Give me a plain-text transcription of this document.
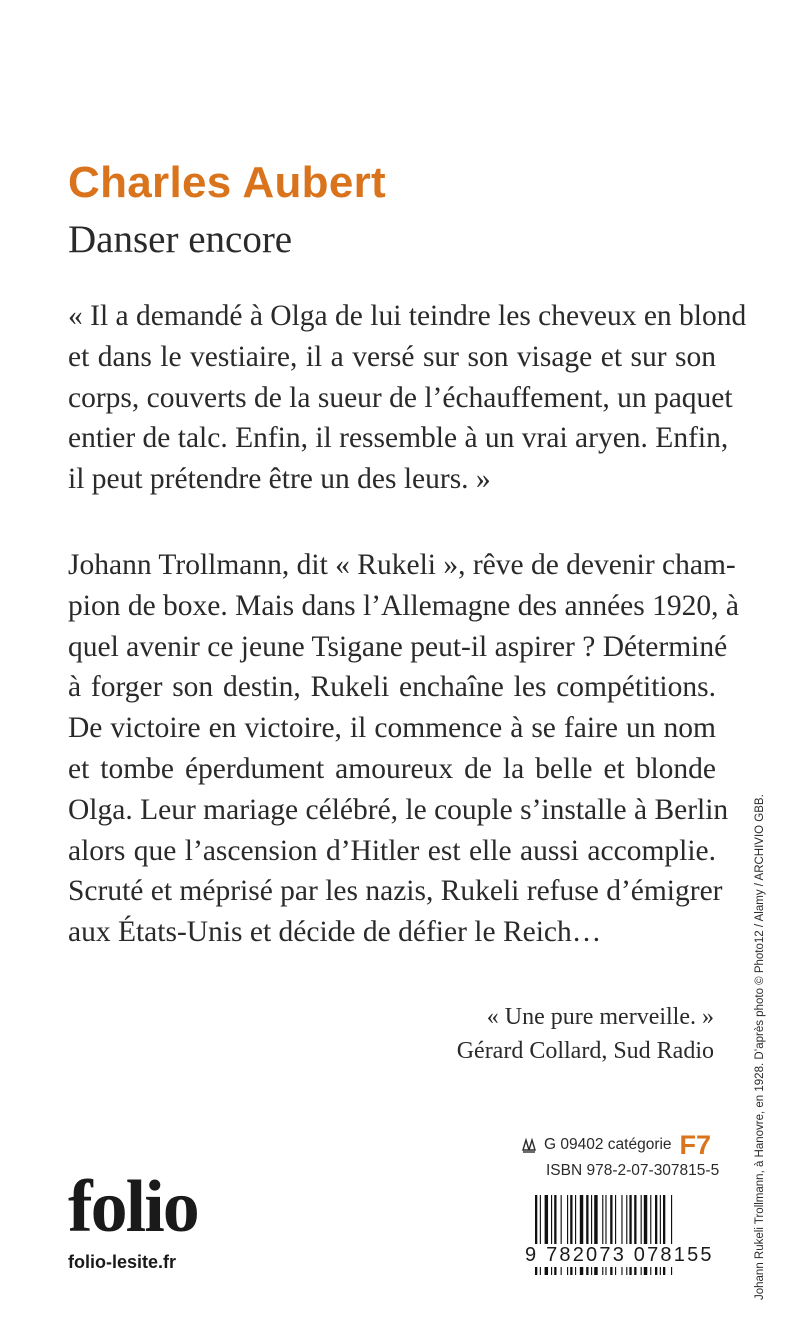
Charles Aubert
Danser encore

« Il a demandé à Olga de lui teindre les cheveux en blond
et dans le vestiaire, il a versé sur son visage et sur son
corps, couverts de la sueur de l’échauffement, un paquet
entier de talc. Enfin, il ressemble à un vrai aryen. Enfin,
il peut prétendre être un des leurs. »

Johann Trollmann, dit « Rukeli », rêve de devenir cham-
pion de boxe. Mais dans l’Allemagne des années 1920, à
quel avenir ce jeune Tsigane peut-il aspirer ? Déterminé
à forger son destin, Rukeli enchaîne les compétitions.
De victoire en victoire, il commence à se faire un nom
et tombe éperdument amoureux de la belle et blonde
Olga. Leur mariage célébré, le couple s’installe à Berlin
alors que l’ascension d’Hitler est elle aussi accomplie.
Scruté et méprisé par les nazis, Rukeli refuse d’émigrer
aux États-Unis et décide de défier le Reich…

« Une pure merveille. »
Gérard Collard, Sud Radio
G 09402
catégorie F7
ISBN 978-2-07-307815-5
folio
folio-lesite.fr	9 782073 078155	Johann Rukeli Trollmann, à Hanovre, en 1928. D’après photo © Photo12 / Alamy / ARCHIVIO GBB.
